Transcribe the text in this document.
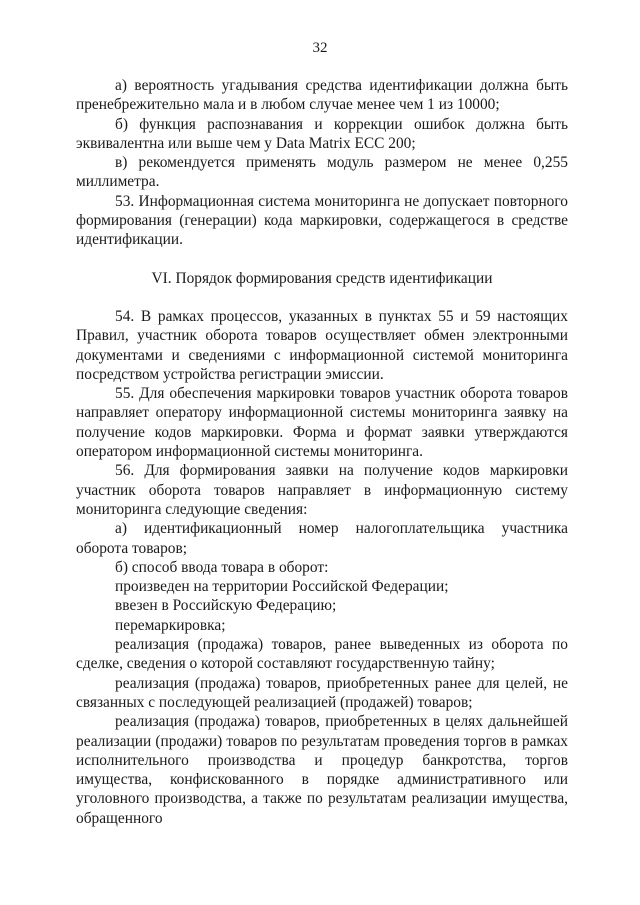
32

а) вероятность угадывания средства идентификации должна быть пренебрежительно мала и в любом случае менее чем 1 из 10000;

б) функция распознавания и коррекции ошибок должна быть эквивалентна или выше чем у Data Matrix ECC 200;

в) рекомендуется применять модуль размером не менее 0,255 миллиметра.

53. Информационная система мониторинга не допускает повторного формирования (генерации) кода маркировки, содержащегося в средстве идентификации.

VI. Порядок формирования средств идентификации

54. В рамках процессов, указанных в пунктах 55 и 59 настоящих Правил, участник оборота товаров осуществляет обмен электронными документами и сведениями с информационной системой мониторинга посредством устройства регистрации эмиссии.

55. Для обеспечения маркировки товаров участник оборота товаров направляет оператору информационной системы мониторинга заявку на получение кодов маркировки. Форма и формат заявки утверждаются оператором информационной системы мониторинга.

56. Для формирования заявки на получение кодов маркировки участник оборота товаров направляет в информационную систему мониторинга следующие сведения:

а) идентификационный номер налогоплательщика участника оборота товаров;

б) способ ввода товара в оборот:

произведен на территории Российской Федерации;

ввезен в Российскую Федерацию;

перемаркировка;

реализация (продажа) товаров, ранее выведенных из оборота по сделке, сведения о которой составляют государственную тайну;

реализация (продажа) товаров, приобретенных ранее для целей, не связанных с последующей реализацией (продажей) товаров;

реализация (продажа) товаров, приобретенных в целях дальнейшей реализации (продажи) товаров по результатам проведения торгов в рамках исполнительного производства и процедур банкротства, торгов имущества, конфискованного в порядке административного или уголовного производства, а также по результатам реализации имущества, обращенного
